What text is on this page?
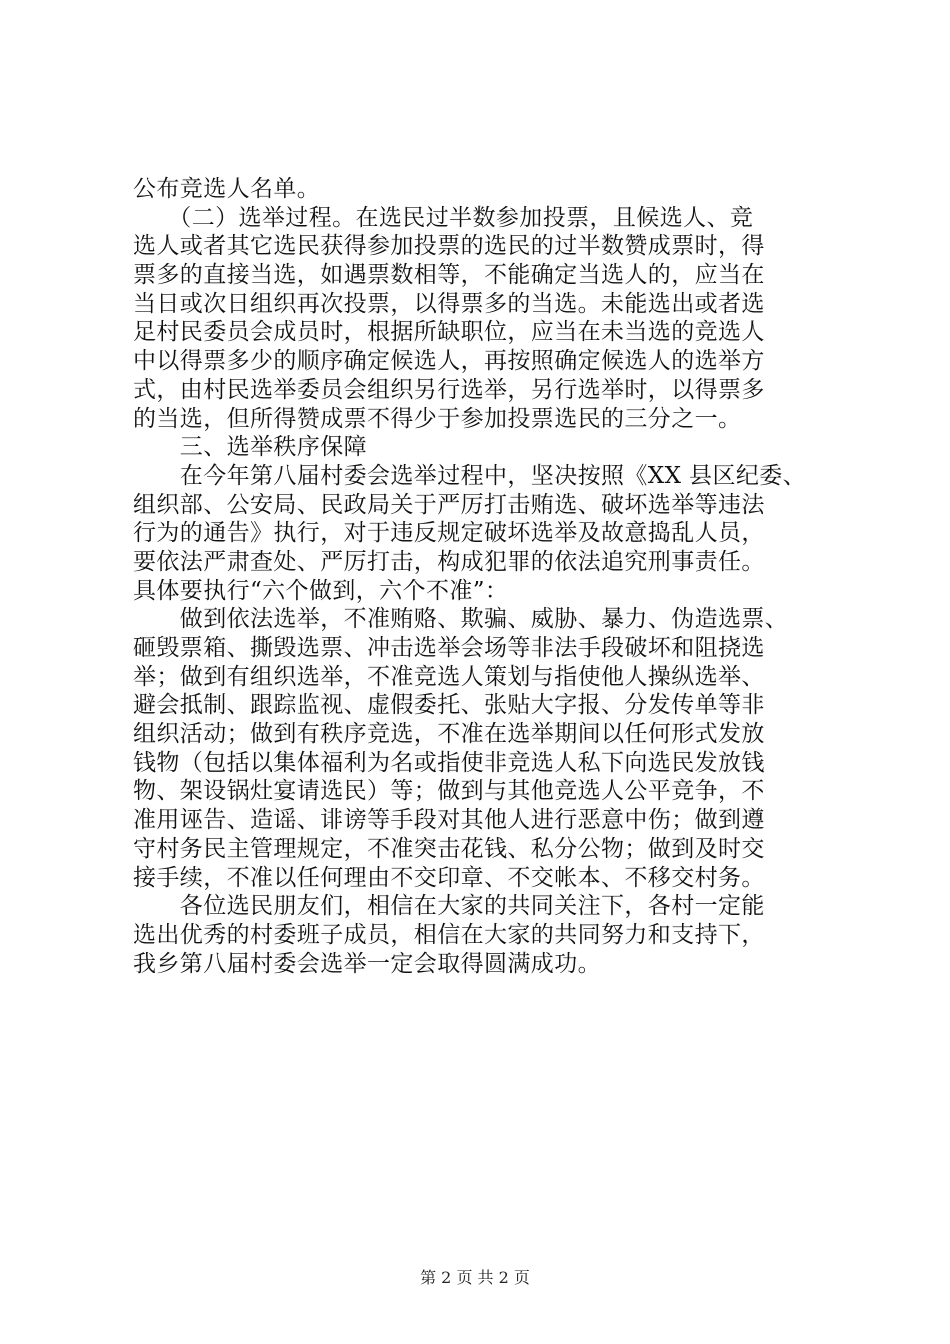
公布竞选人名单。
　　（二）选举过程。在选民过半数参加投票，且候选人、竞
选人或者其它选民获得参加投票的选民的过半数赞成票时，得
票多的直接当选，如遇票数相等，不能确定当选人的，应当在
当日或次日组织再次投票，以得票多的当选。未能选出或者选
足村民委员会成员时，根据所缺职位，应当在未当选的竞选人
中以得票多少的顺序确定候选人，再按照确定候选人的选举方
式，由村民选举委员会组织另行选举，另行选举时，以得票多
的当选，但所得赞成票不得少于参加投票选民的三分之一。
　　三、选举秩序保障
　　在今年第八届村委会选举过程中，坚决按照《XX 县区纪委、
组织部、公安局、民政局关于严厉打击贿选、破坏选举等违法
行为的通告》执行，对于违反规定破坏选举及故意捣乱人员，
要依法严肃查处、严厉打击，构成犯罪的依法追究刑事责任。
具体要执行“六个做到，六个不准”：
　　做到依法选举，不准贿赂、欺骗、威胁、暴力、伪造选票、
砸毁票箱、撕毁选票、冲击选举会场等非法手段破坏和阻挠选
举；做到有组织选举，不准竞选人策划与指使他人操纵选举、
避会抵制、跟踪监视、虚假委托、张贴大字报、分发传单等非
组织活动；做到有秩序竞选，不准在选举期间以任何形式发放
钱物（包括以集体福利为名或指使非竞选人私下向选民发放钱
物、架设锅灶宴请选民）等；做到与其他竞选人公平竞争，不
准用诬告、造谣、诽谤等手段对其他人进行恶意中伤；做到遵
守村务民主管理规定，不准突击花钱、私分公物；做到及时交
接手续，不准以任何理由不交印章、不交帐本、不移交村务。
　　各位选民朋友们，相信在大家的共同关注下，各村一定能
选出优秀的村委班子成员，相信在大家的共同努力和支持下，
我乡第八届村委会选举一定会取得圆满成功。
第 2 页 共 2 页
